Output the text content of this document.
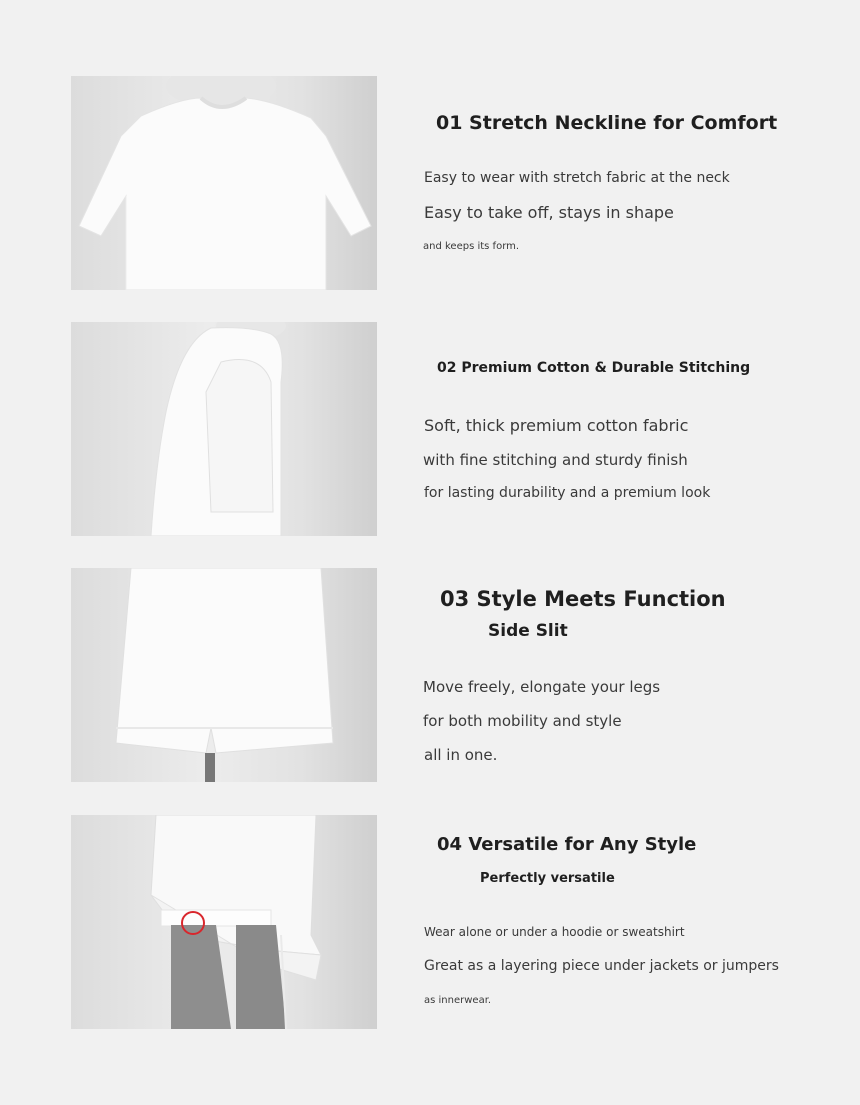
01 Stretch Neckline for Comfort
Easy to wear with stretch fabric at the neck
Easy to take off, stays in shape
and keeps its form.
02 Premium Cotton & Durable Stitching
Soft, thick premium cotton fabric
with fine stitching and sturdy finish
for lasting durability and a premium look
03 Style Meets Function
Side Slit
Move freely, elongate your legs
for both mobility and style
all in one.
04 Versatile for Any Style
Perfectly versatile
Wear alone or under a hoodie or sweatshirt
Great as a layering piece under jackets or jumpers
as innerwear.
